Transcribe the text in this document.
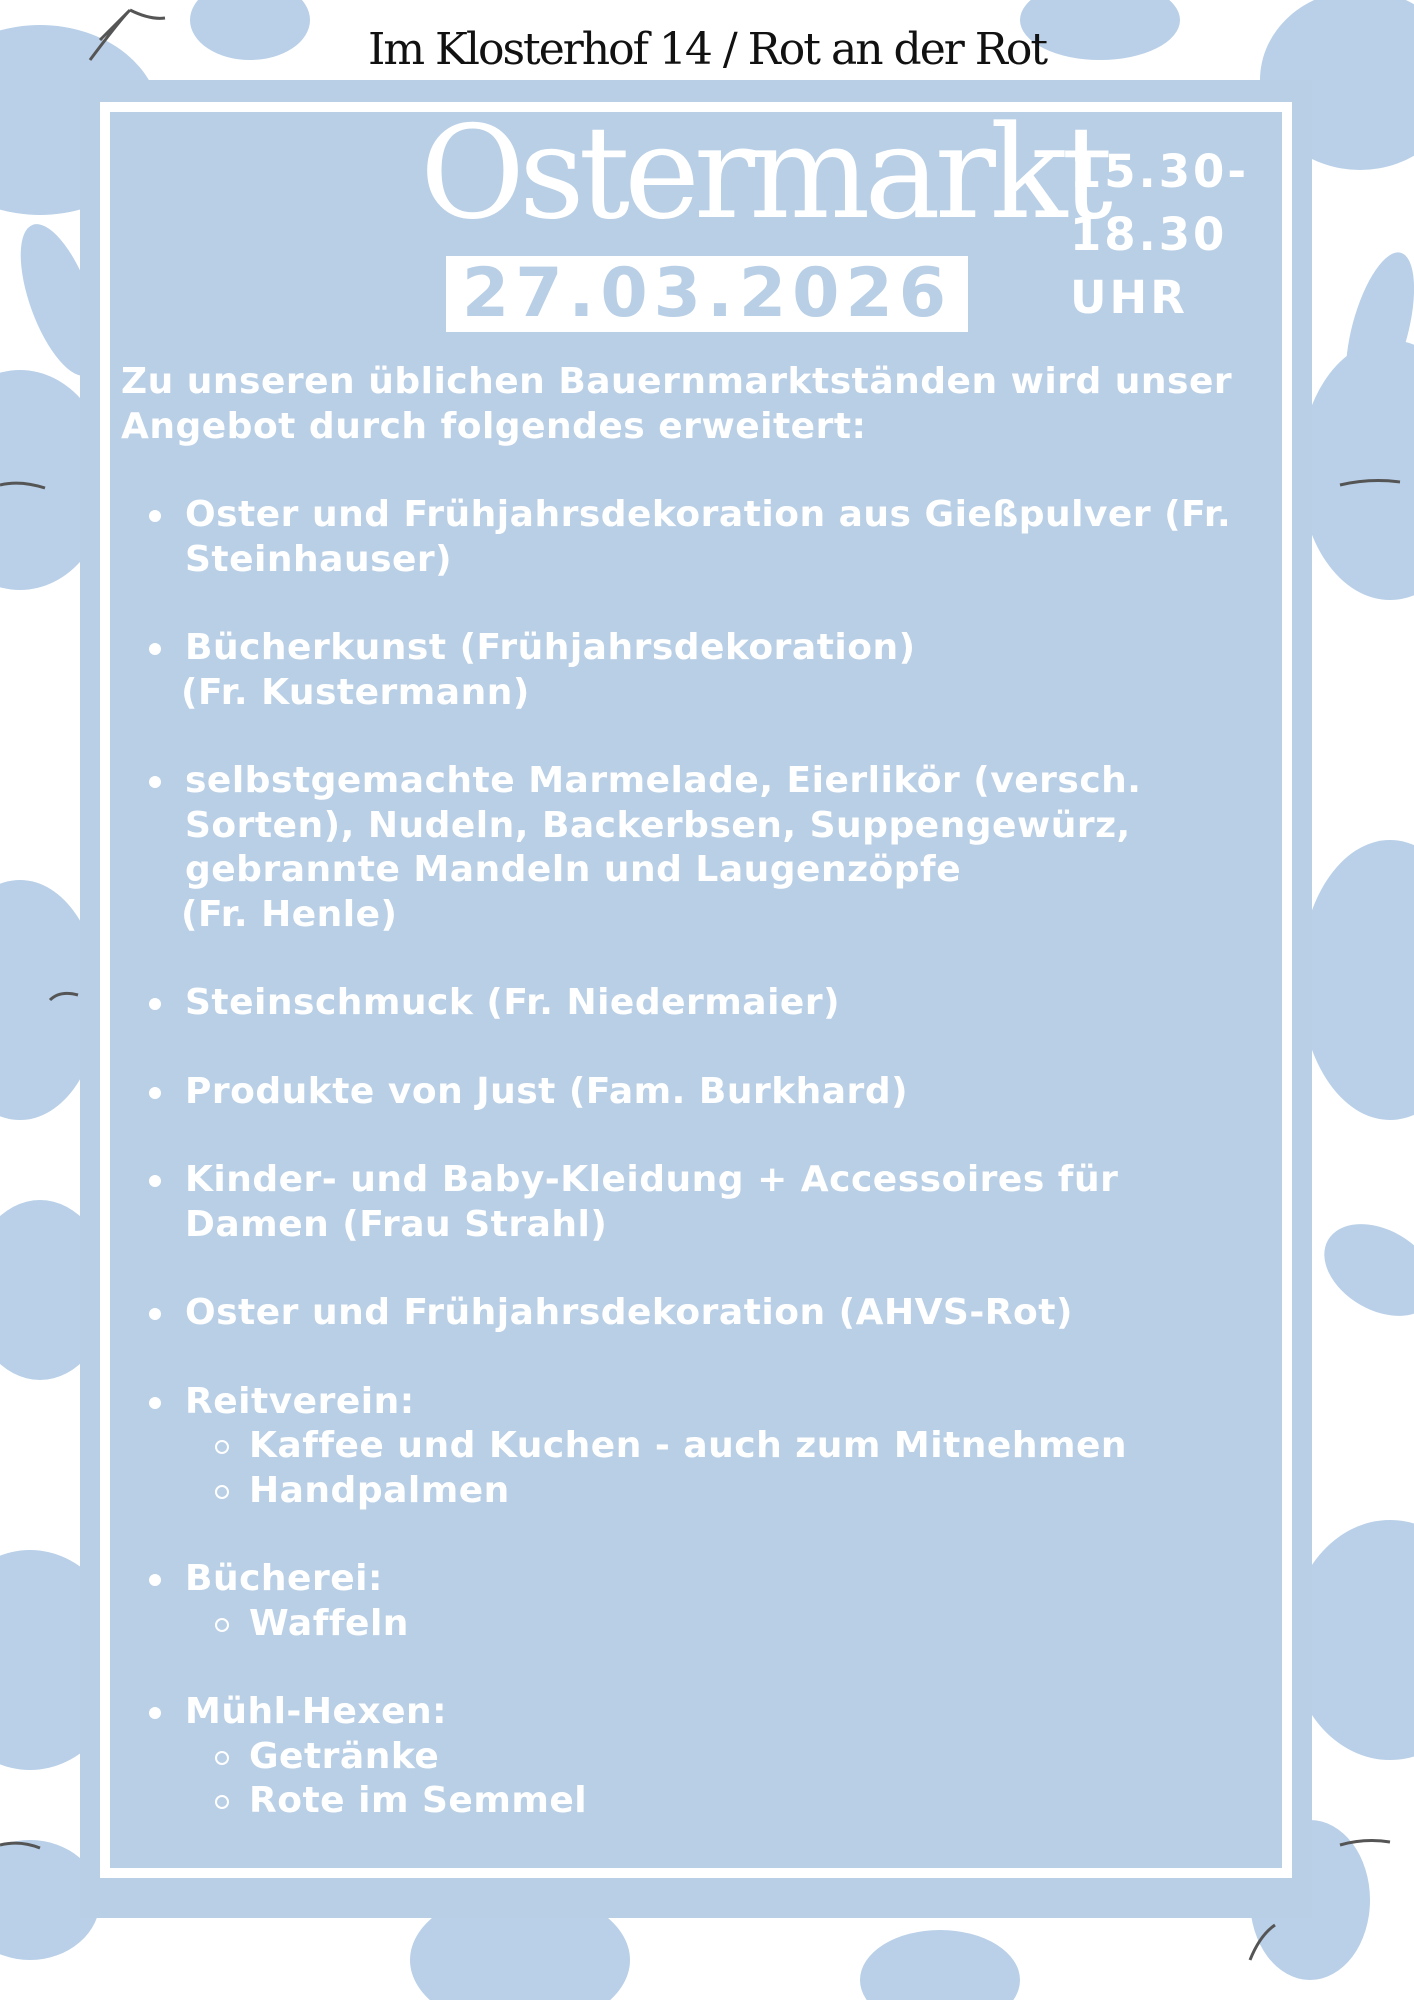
Im Klosterhof 14 / Rot an der Rot
Ostermarkt
27.03.2026
15.30-
18.30
UHR
Zu unseren üblichen Bauernmarktständen wird unser
Angebot durch folgendes erweitert:
Oster und Frühjahrsdekoration aus Gießpulver (Fr.
Steinhauser)
Bücherkunst (Frühjahrsdekoration)
(Fr. Kustermann)
selbstgemachte Marmelade, Eierlikör (versch.
Sorten), Nudeln, Backerbsen, Suppengewürz,
gebrannte Mandeln und Laugenzöpfe
(Fr. Henle)
Steinschmuck (Fr. Niedermaier)
Produkte von Just (Fam. Burkhard)
Kinder- und Baby-Kleidung + Accessoires für
Damen (Frau Strahl)
Oster und Frühjahrsdekoration (AHVS-Rot)
Reitverein:
Kaffee und Kuchen - auch zum Mitnehmen
Handpalmen
Bücherei:
Waffeln
Mühl-Hexen:
Getränke
Rote im Semmel
